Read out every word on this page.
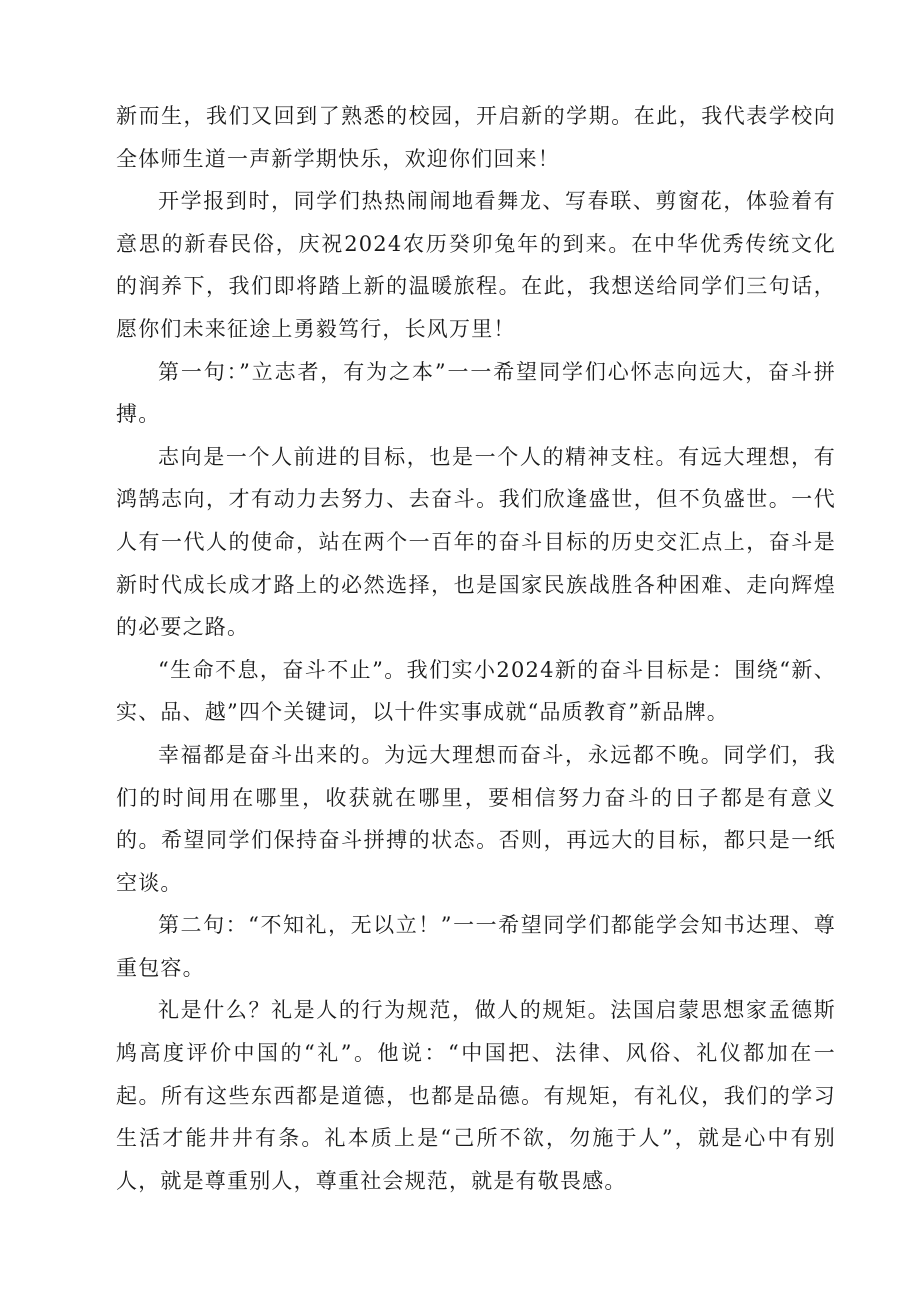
新而生，我们又回到了熟悉的校园，开启新的学期。在此，我代表学校向全体师生道一声新学期快乐，欢迎你们回来！

开学报到时，同学们热热闹闹地看舞龙、写春联、剪窗花，体验着有意思的新春民俗，庆祝2024农历癸卯兔年的到来。在中华优秀传统文化的润养下，我们即将踏上新的温暖旅程。在此，我想送给同学们三句话，愿你们未来征途上勇毅笃行，长风万里！

第一句：”立志者，有为之本”一一希望同学们心怀志向远大，奋斗拼搏。

志向是一个人前进的目标，也是一个人的精神支柱。有远大理想，有鸿鹄志向，才有动力去努力、去奋斗。我们欣逢盛世，但不负盛世。一代人有一代人的使命，站在两个一百年的奋斗目标的历史交汇点上，奋斗是新时代成长成才路上的必然选择，也是国家民族战胜各种困难、走向辉煌的必要之路。

“生命不息，奋斗不止”。我们实小2024新的奋斗目标是：围绕“新、实、品、越”四个关键词，以十件实事成就“品质教育”新品牌。

幸福都是奋斗出来的。为远大理想而奋斗，永远都不晚。同学们，我们的时间用在哪里，收获就在哪里，要相信努力奋斗的日子都是有意义的。希望同学们保持奋斗拼搏的状态。否则，再远大的目标，都只是一纸空谈。

第二句：“不知礼，无以立！”一一希望同学们都能学会知书达理、尊重包容。

礼是什么？礼是人的行为规范，做人的规矩。法国启蒙思想家孟德斯鸠高度评价中国的“礼”。他说：“中国把、法律、风俗、礼仪都加在一起。所有这些东西都是道德，也都是品德。有规矩，有礼仪，我们的学习生活才能井井有条。礼本质上是“己所不欲，勿施于人”，就是心中有别人，就是尊重别人，尊重社会规范，就是有敬畏感。
